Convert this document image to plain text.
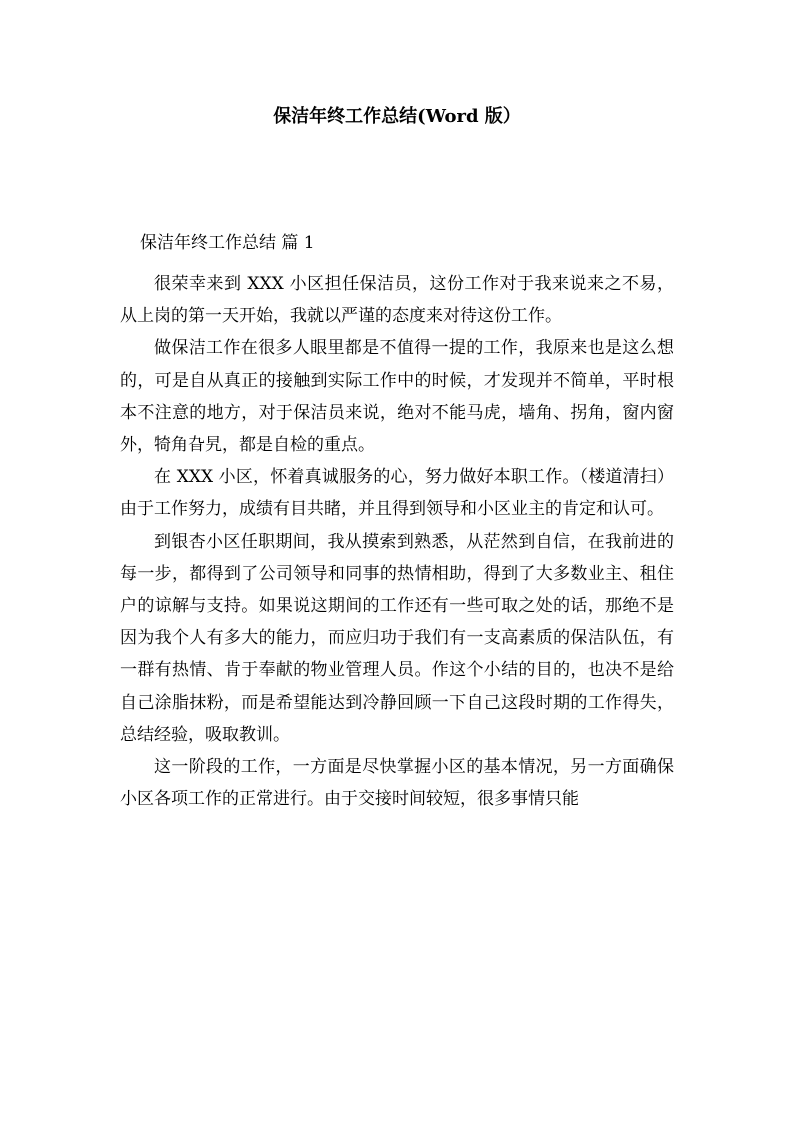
保洁年终工作总结(Word 版）
保洁年终工作总结 篇 1

很荣幸来到 XXX 小区担任保洁员，这份工作对于我来说来之不易，从上岗的第一天开始，我就以严谨的态度来对待这份工作。

做保洁工作在很多人眼里都是不值得一提的工作，我原来也是这么想的，可是自从真正的接触到实际工作中的时候，才发现并不简单，平时根本不注意的地方，对于保洁员来说，绝对不能马虎，墙角、拐角，窗内窗外，犄角旮旯，都是自检的重点。

在 XXX 小区，怀着真诚服务的心，努力做好本职工作。（楼道清扫）由于工作努力，成绩有目共睹，并且得到领导和小区业主的肯定和认可。

到银杏小区任职期间，我从摸索到熟悉，从茫然到自信，在我前进的每一步，都得到了公司领导和同事的热情相助，得到了大多数业主、租住户的谅解与支持。如果说这期间的工作还有一些可取之处的话，那绝不是因为我个人有多大的能力，而应归功于我们有一支高素质的保洁队伍，有一群有热情、肯于奉献的物业管理人员。作这个小结的目的，也决不是给自己涂脂抹粉，而是希望能达到冷静回顾一下自己这段时期的工作得失，总结经验，吸取教训。

这一阶段的工作，一方面是尽快掌握小区的基本情况，另一方面确保小区各项工作的正常进行。由于交接时间较短，很多事情只能
